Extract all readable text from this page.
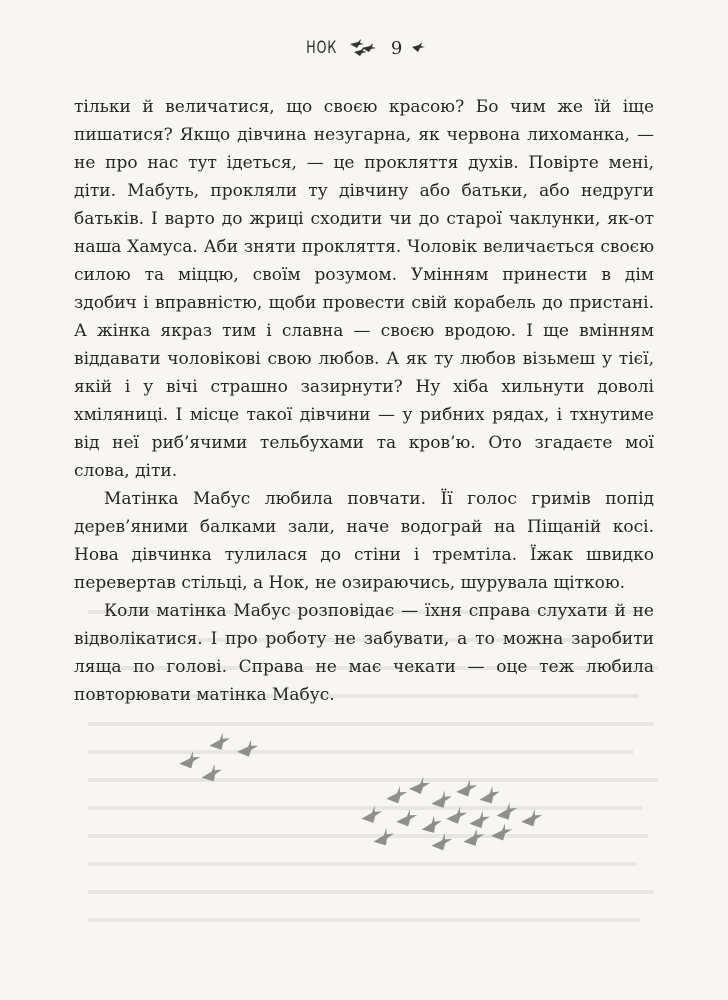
НОК	9

тільки й величатися, що своєю красою? Бо чим же їй іще пишатися? Якщо дівчина незугарна, як червона лихоманка, — не про нас тут ідеться, — це прокляття духів. Повірте мені, діти. Мабуть, прокляли ту дівчину або батьки, або недруги батьків. І варто до жриці сходити чи до старої чаклунки, як-от наша Хамуса. Аби зняти прокляття. Чоловік величається своєю силою та міццю, своїм розумом. Умінням принести в дім здобич і вправністю, щоби провести свій корабель до пристані. А жінка якраз тим і славна — своєю вродою. І ще вмінням віддавати чоловікові свою любов. А як ту любов візьмеш у тієї, якій і у вічі страшно зазирнути? Ну хіба хильнути доволі хміляниці. І місце такої дівчини — у рибних рядах, і тхнутиме від неї риб’ячими тельбухами та кров’ю. Ото згадаєте мої слова, діти.

Матінка Мабус любила повчати. Її голос гримів попід дерев’яними балками зали, наче водограй на Піщаній косі. Нова дівчинка тулилася до стіни і тремтіла. Їжак швидко перевертав стільці, а Нок, не озираючись, шурувала щіткою.

Коли матінка Мабус розповідає — їхня справа слухати й не відволікатися. І про роботу не забувати, а то можна заробити ляща по голові. Справа не має чекати — оце теж любила повторювати матінка Мабус.
